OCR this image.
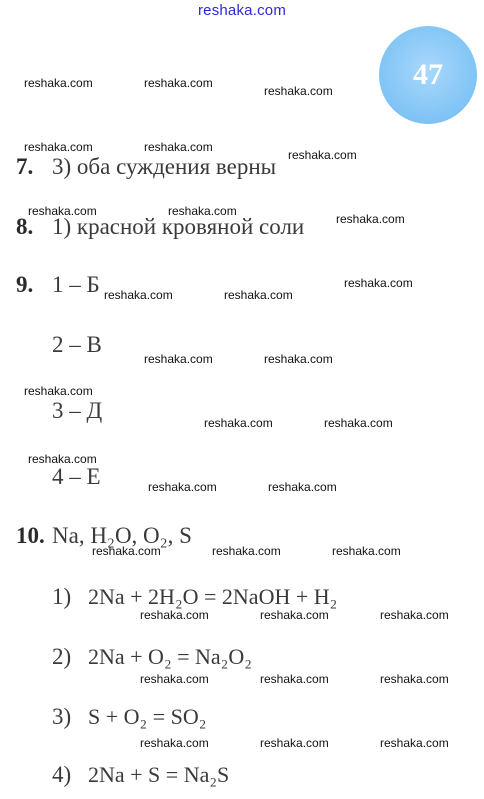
reshaka.com
47
reshaka.com	reshaka.com
reshaka.com
reshaka.com	reshaka.com
reshaka.com
reshaka.com	reshaka.com
reshaka.com
reshaka.com	reshaka.com
reshaka.com
reshaka.com	reshaka.com
reshaka.com
reshaka.com	reshaka.com
reshaka.com
reshaka.com	reshaka.com
reshaka.com	reshaka.com	reshaka.com
reshaka.com	reshaka.com	reshaka.com
reshaka.com	reshaka.com	reshaka.com
reshaka.com	reshaka.com	reshaka.com
7. 3) оба суждения верны
8. 1) красной кровяной соли
9. 1 – Б
2 – В
3 – Д
4 – Е
10. Na, H₂O, O₂, S
1) 2Na + 2H₂O = 2NaOH + H₂
2) 2Na + O₂ = Na₂O₂
3) S + O₂ = SO₂
4) 2Na + S = Na₂S
